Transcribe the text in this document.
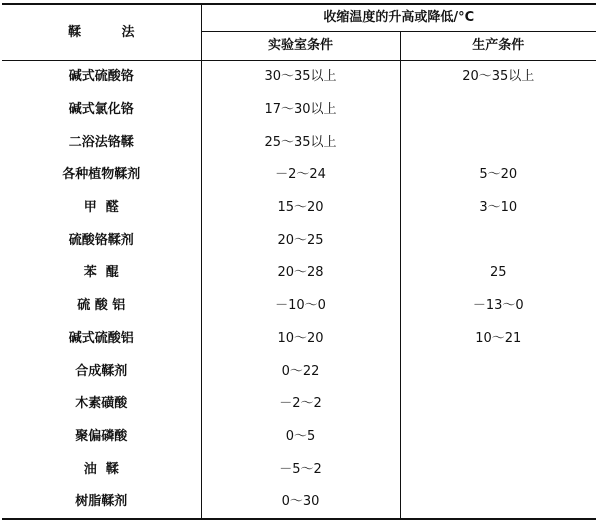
鞣 法	收缩温度的升高或降低/°C	
	实验室条件	生产条件
碱式硫酸铬	30～35以上	20～35以上
碱式氯化铬	17～30以上	
二浴法铬鞣	25～35以上	
各种植物鞣剂	－2～24	5～20
甲  醛	15～20	3～10
硫酸铬鞣剂	20～25	
苯  醌	20～28	25
硫 酸 铝	－10～0	－13～0
碱式硫酸铝	10～20	10～21
合成鞣剂	0～22	
木素磺酸	－2～2	
聚偏磷酸	0～5	
油  鞣	－5～2	
树脂鞣剂	0～30	
